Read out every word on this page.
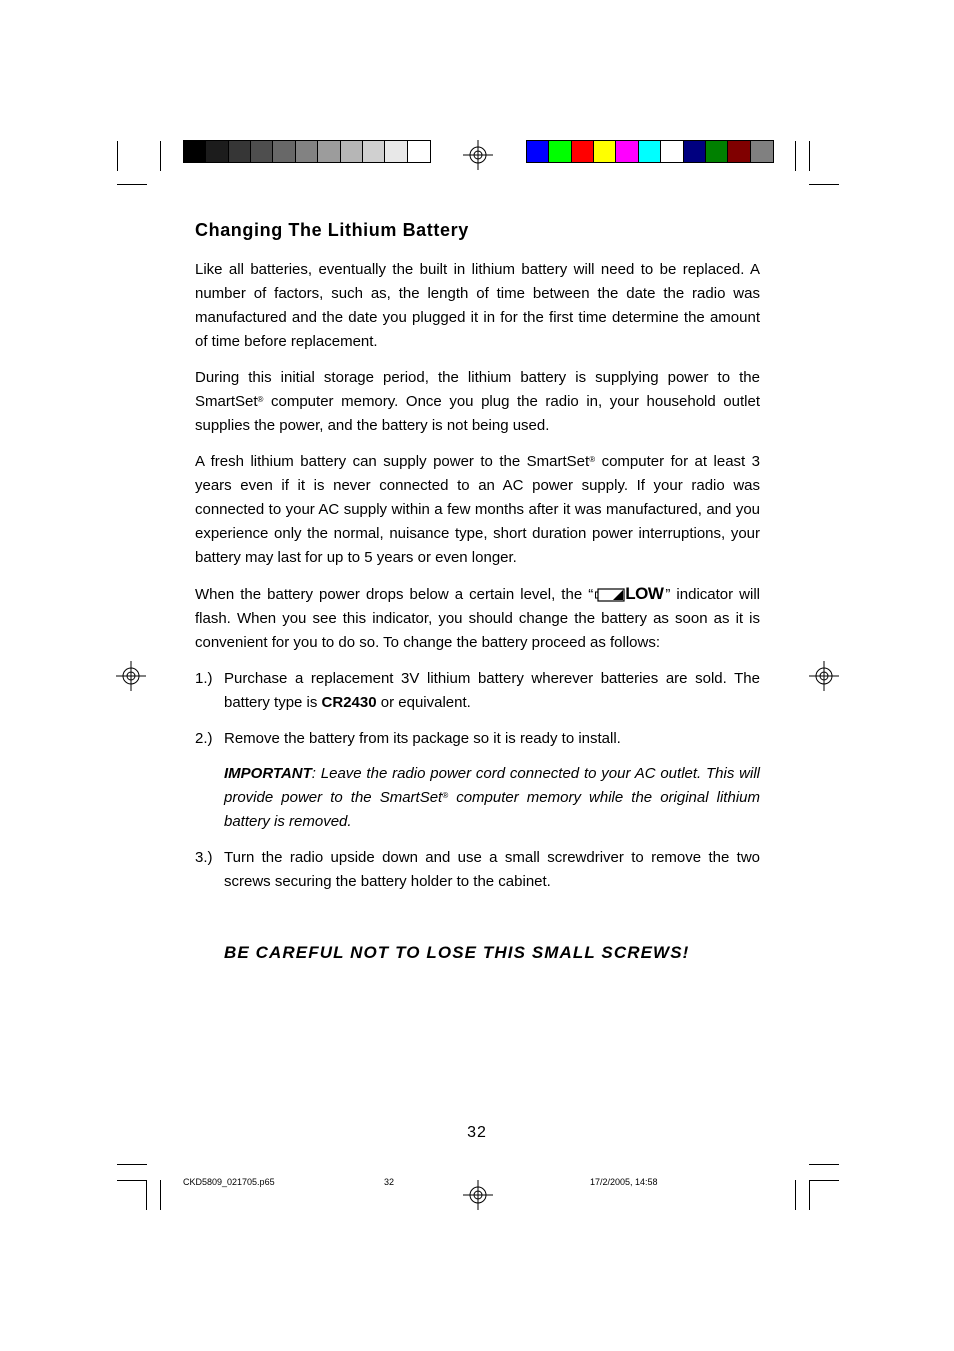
Changing The Lithium Battery

Like all batteries, eventually the built in lithium battery will need to be replaced. A number of factors, such as, the length of time between the date the radio was manufactured and the date you plugged it in for the first time determine the amount of time before replacement.

During this initial storage period, the lithium battery is supplying power to the SmartSet® computer memory. Once you plug the radio in, your household outlet supplies the power, and the battery is not being used.

A fresh lithium battery can supply power to the SmartSet® computer for at least 3 years even if it is never connected to an AC power supply. If your radio was connected to your AC supply within a few months after it was manufactured, and you experience only the normal, nuisance type, short duration power interruptions, your battery may last for up to 5 years or even longer.

When the battery power drops below a certain level, the “ LOW ” indicator will flash. When you see this indicator, you should change the battery as soon as it is convenient for you to do so. To change the battery proceed as follows:

1.) Purchase a replacement 3V lithium battery wherever batteries are sold. The battery type is CR2430 or equivalent.
2.) Remove the battery from its package so it is ready to install.
IMPORTANT: Leave the radio power cord connected to your AC outlet. This will provide power to the SmartSet® computer memory while the original lithium battery is removed.
3.) Turn the radio upside down and use a small screwdriver to remove the two screws securing the battery holder to the cabinet.

BE CAREFUL NOT TO LOSE THIS SMALL SCREWS!

32
CKD5809_021705.p65	32	17/2/2005, 14:58
